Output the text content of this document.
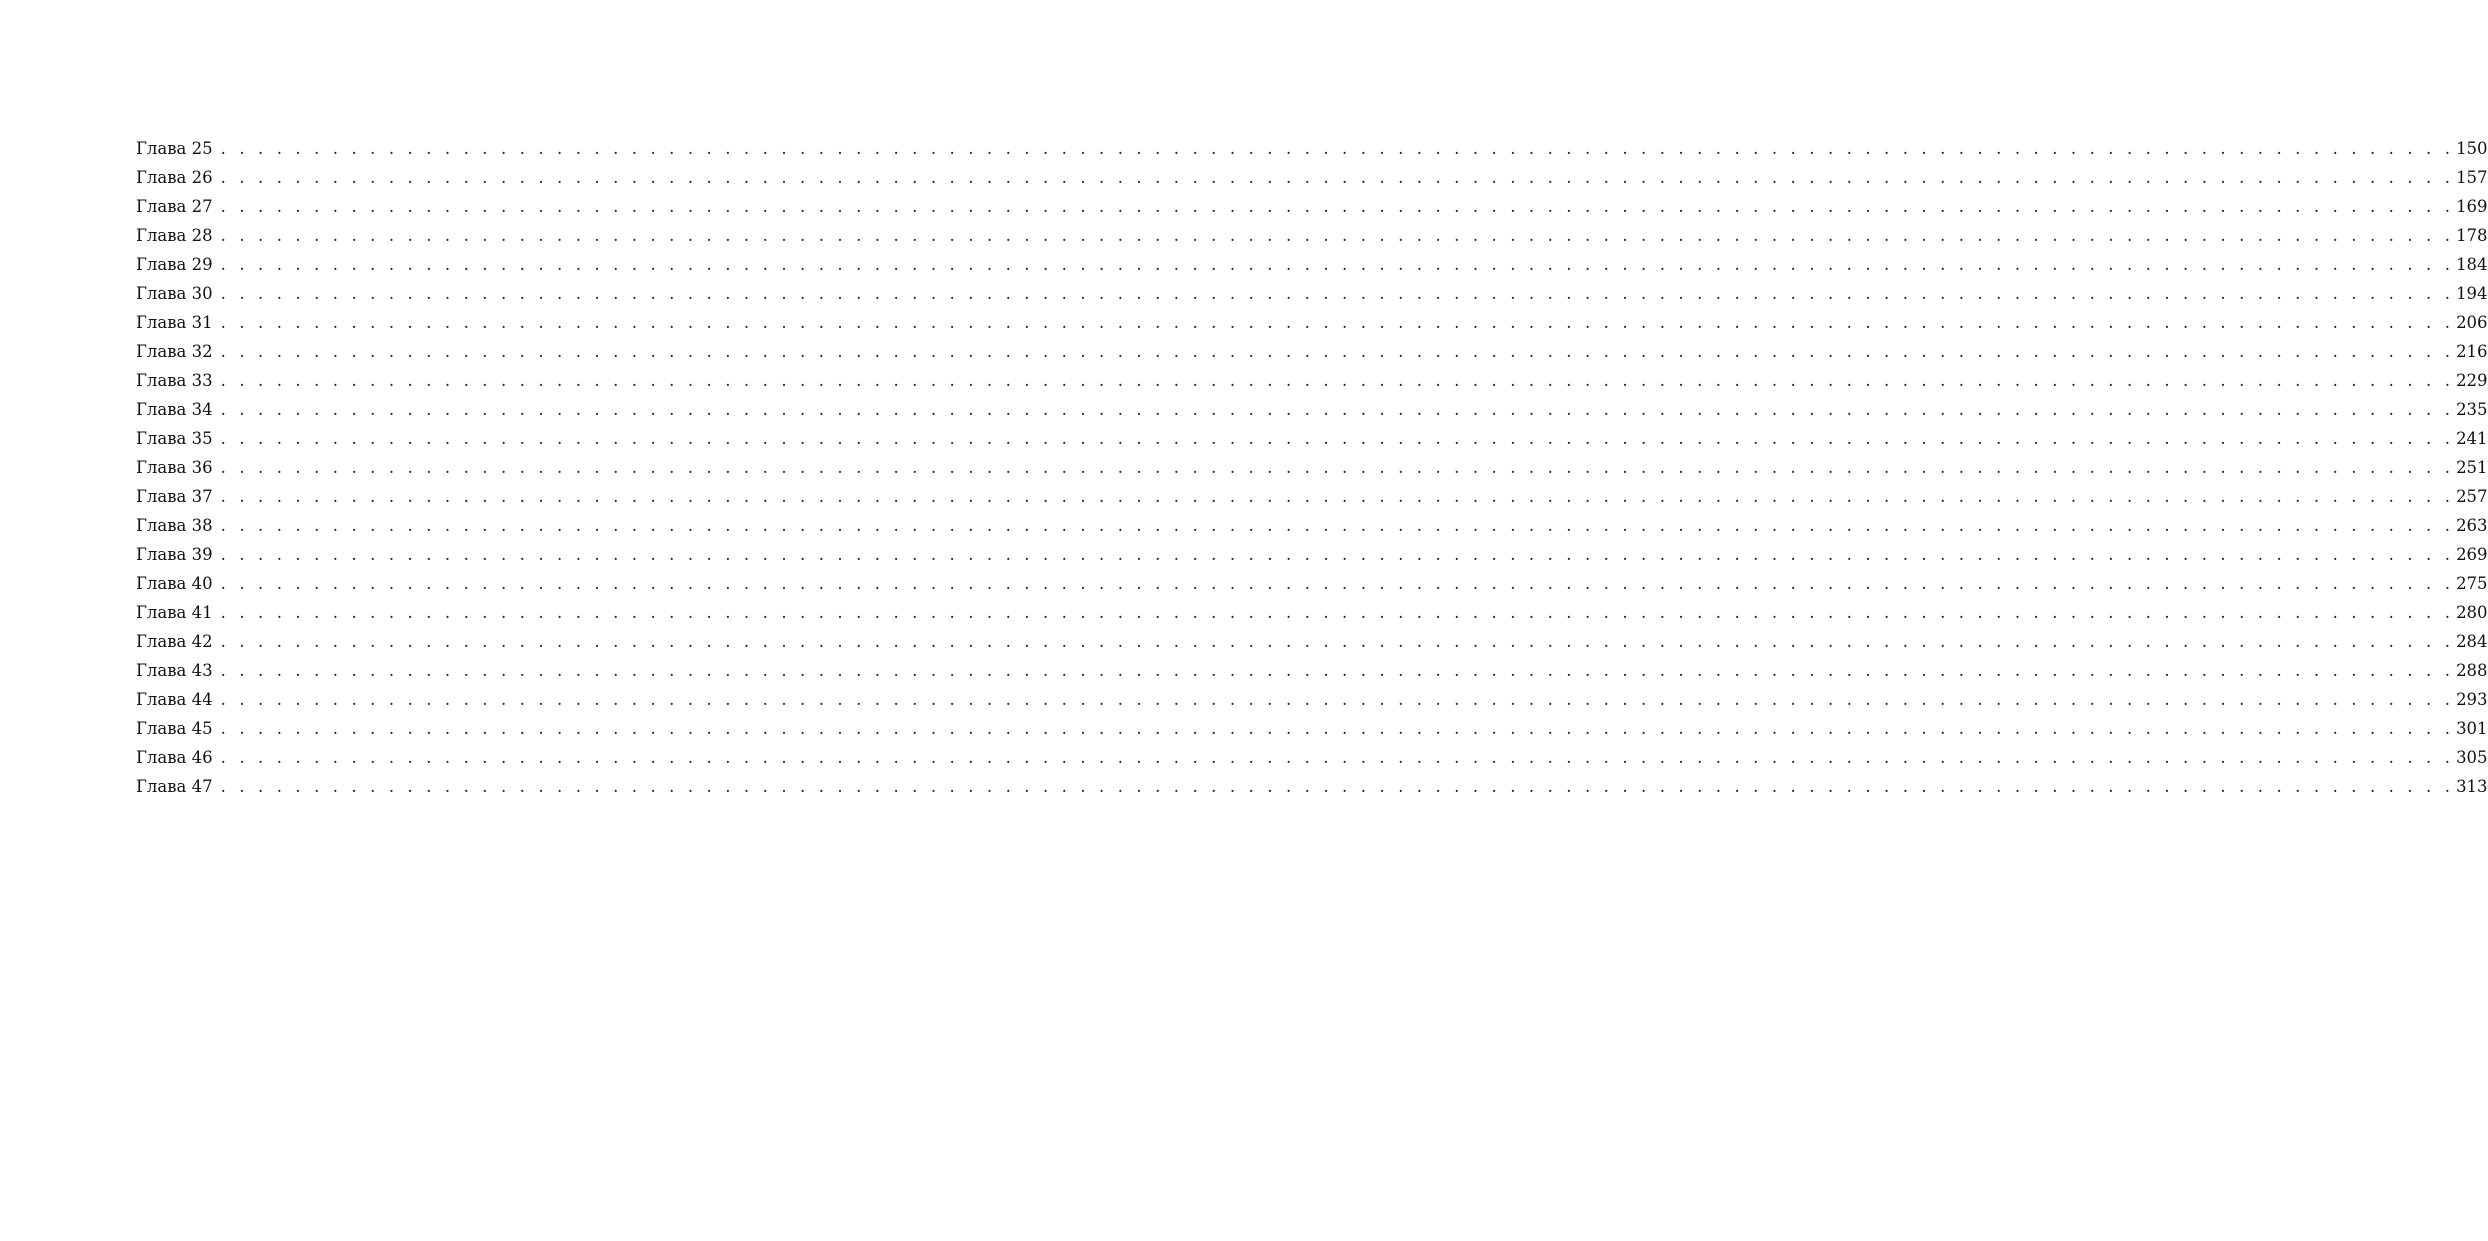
Глава 25 . . . . . . . . . . . . . . . . . . . . . . . . . . . . . . . . . . . . . . . . . . . . . . . . . . . . . . . . . . . . . . . . . . . . . . . . . . . . . . . . . . . . . . . . . . . . . . . . . . . . . . . . . . . . . . . . . . . . . . . . 150
Глава 26 . . . . . . . . . . . . . . . . . . . . . . . . . . . . . . . . . . . . . . . . . . . . . . . . . . . . . . . . . . . . . . . . . . . . . . . . . . . . . . . . . . . . . . . . . . . . . . . . . . . . . . . . . . . . . . . . . . . . . . . . 157
Глава 27 . . . . . . . . . . . . . . . . . . . . . . . . . . . . . . . . . . . . . . . . . . . . . . . . . . . . . . . . . . . . . . . . . . . . . . . . . . . . . . . . . . . . . . . . . . . . . . . . . . . . . . . . . . . . . . . . . . . . . . . . 169
Глава 28 . . . . . . . . . . . . . . . . . . . . . . . . . . . . . . . . . . . . . . . . . . . . . . . . . . . . . . . . . . . . . . . . . . . . . . . . . . . . . . . . . . . . . . . . . . . . . . . . . . . . . . . . . . . . . . . . . . . . . . . . 178
Глава 29 . . . . . . . . . . . . . . . . . . . . . . . . . . . . . . . . . . . . . . . . . . . . . . . . . . . . . . . . . . . . . . . . . . . . . . . . . . . . . . . . . . . . . . . . . . . . . . . . . . . . . . . . . . . . . . . . . . . . . . . . 184
Глава 30 . . . . . . . . . . . . . . . . . . . . . . . . . . . . . . . . . . . . . . . . . . . . . . . . . . . . . . . . . . . . . . . . . . . . . . . . . . . . . . . . . . . . . . . . . . . . . . . . . . . . . . . . . . . . . . . . . . . . . . . . 194
Глава 31 . . . . . . . . . . . . . . . . . . . . . . . . . . . . . . . . . . . . . . . . . . . . . . . . . . . . . . . . . . . . . . . . . . . . . . . . . . . . . . . . . . . . . . . . . . . . . . . . . . . . . . . . . . . . . . . . . . . . . . . . 206
Глава 32 . . . . . . . . . . . . . . . . . . . . . . . . . . . . . . . . . . . . . . . . . . . . . . . . . . . . . . . . . . . . . . . . . . . . . . . . . . . . . . . . . . . . . . . . . . . . . . . . . . . . . . . . . . . . . . . . . . . . . . . . 216
Глава 33 . . . . . . . . . . . . . . . . . . . . . . . . . . . . . . . . . . . . . . . . . . . . . . . . . . . . . . . . . . . . . . . . . . . . . . . . . . . . . . . . . . . . . . . . . . . . . . . . . . . . . . . . . . . . . . . . . . . . . . . . 229
Глава 34 . . . . . . . . . . . . . . . . . . . . . . . . . . . . . . . . . . . . . . . . . . . . . . . . . . . . . . . . . . . . . . . . . . . . . . . . . . . . . . . . . . . . . . . . . . . . . . . . . . . . . . . . . . . . . . . . . . . . . . . . 235
Глава 35 . . . . . . . . . . . . . . . . . . . . . . . . . . . . . . . . . . . . . . . . . . . . . . . . . . . . . . . . . . . . . . . . . . . . . . . . . . . . . . . . . . . . . . . . . . . . . . . . . . . . . . . . . . . . . . . . . . . . . . . . 241
Глава 36 . . . . . . . . . . . . . . . . . . . . . . . . . . . . . . . . . . . . . . . . . . . . . . . . . . . . . . . . . . . . . . . . . . . . . . . . . . . . . . . . . . . . . . . . . . . . . . . . . . . . . . . . . . . . . . . . . . . . . . . . 251
Глава 37 . . . . . . . . . . . . . . . . . . . . . . . . . . . . . . . . . . . . . . . . . . . . . . . . . . . . . . . . . . . . . . . . . . . . . . . . . . . . . . . . . . . . . . . . . . . . . . . . . . . . . . . . . . . . . . . . . . . . . . . . 257
Глава 38 . . . . . . . . . . . . . . . . . . . . . . . . . . . . . . . . . . . . . . . . . . . . . . . . . . . . . . . . . . . . . . . . . . . . . . . . . . . . . . . . . . . . . . . . . . . . . . . . . . . . . . . . . . . . . . . . . . . . . . . . 263
Глава 39 . . . . . . . . . . . . . . . . . . . . . . . . . . . . . . . . . . . . . . . . . . . . . . . . . . . . . . . . . . . . . . . . . . . . . . . . . . . . . . . . . . . . . . . . . . . . . . . . . . . . . . . . . . . . . . . . . . . . . . . . 269
Глава 40 . . . . . . . . . . . . . . . . . . . . . . . . . . . . . . . . . . . . . . . . . . . . . . . . . . . . . . . . . . . . . . . . . . . . . . . . . . . . . . . . . . . . . . . . . . . . . . . . . . . . . . . . . . . . . . . . . . . . . . . . 275
Глава 41 . . . . . . . . . . . . . . . . . . . . . . . . . . . . . . . . . . . . . . . . . . . . . . . . . . . . . . . . . . . . . . . . . . . . . . . . . . . . . . . . . . . . . . . . . . . . . . . . . . . . . . . . . . . . . . . . . . . . . . . . 280
Глава 42 . . . . . . . . . . . . . . . . . . . . . . . . . . . . . . . . . . . . . . . . . . . . . . . . . . . . . . . . . . . . . . . . . . . . . . . . . . . . . . . . . . . . . . . . . . . . . . . . . . . . . . . . . . . . . . . . . . . . . . . . 284
Глава 43 . . . . . . . . . . . . . . . . . . . . . . . . . . . . . . . . . . . . . . . . . . . . . . . . . . . . . . . . . . . . . . . . . . . . . . . . . . . . . . . . . . . . . . . . . . . . . . . . . . . . . . . . . . . . . . . . . . . . . . . . 288
Глава 44 . . . . . . . . . . . . . . . . . . . . . . . . . . . . . . . . . . . . . . . . . . . . . . . . . . . . . . . . . . . . . . . . . . . . . . . . . . . . . . . . . . . . . . . . . . . . . . . . . . . . . . . . . . . . . . . . . . . . . . . . 293
Глава 45 . . . . . . . . . . . . . . . . . . . . . . . . . . . . . . . . . . . . . . . . . . . . . . . . . . . . . . . . . . . . . . . . . . . . . . . . . . . . . . . . . . . . . . . . . . . . . . . . . . . . . . . . . . . . . . . . . . . . . . . . 301
Глава 46 . . . . . . . . . . . . . . . . . . . . . . . . . . . . . . . . . . . . . . . . . . . . . . . . . . . . . . . . . . . . . . . . . . . . . . . . . . . . . . . . . . . . . . . . . . . . . . . . . . . . . . . . . . . . . . . . . . . . . . . . 305
Глава 47 . . . . . . . . . . . . . . . . . . . . . . . . . . . . . . . . . . . . . . . . . . . . . . . . . . . . . . . . . . . . . . . . . . . . . . . . . . . . . . . . . . . . . . . . . . . . . . . . . . . . . . . . . . . . . . . . . . . . . . . . 313
